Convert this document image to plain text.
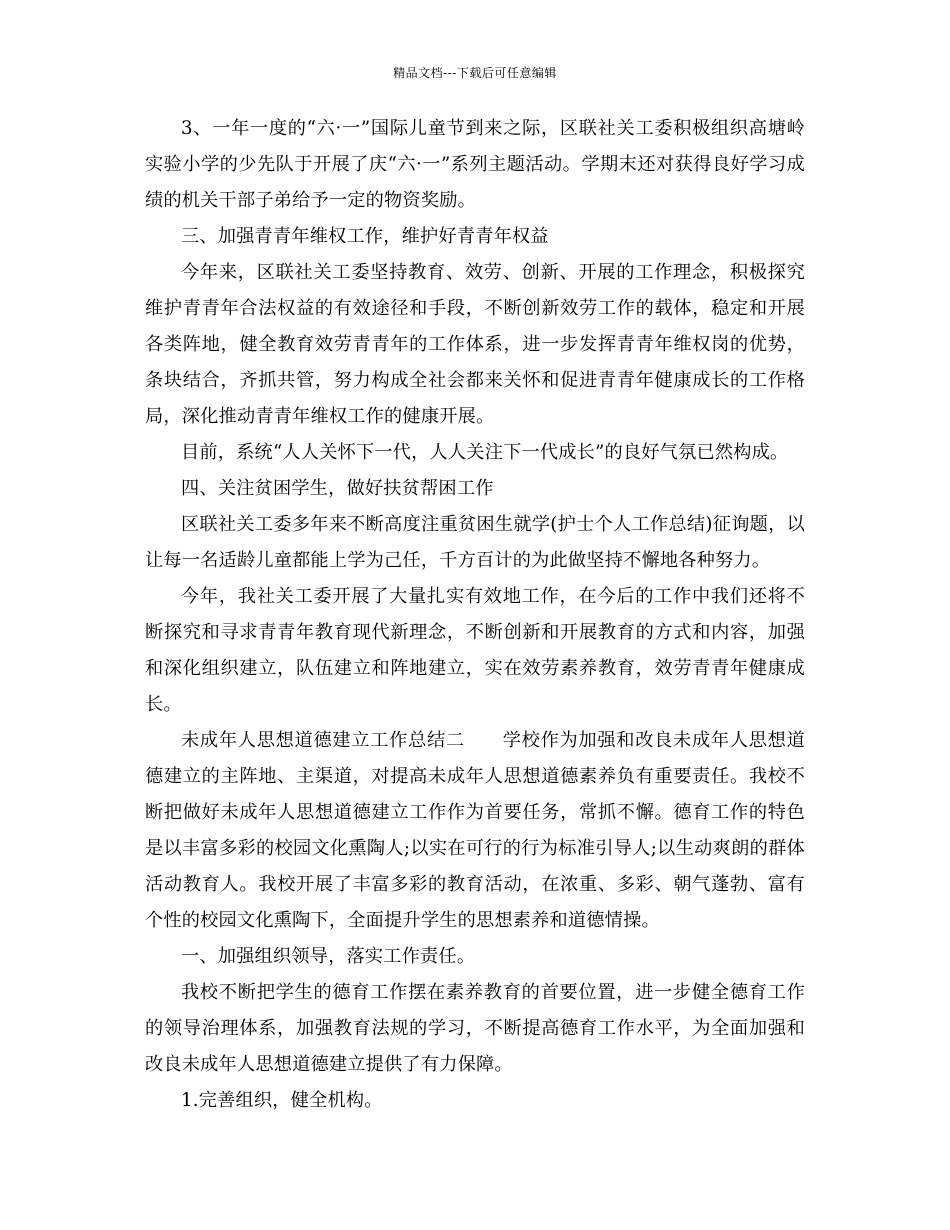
精品文档---下载后可任意编辑

3、一年一度的“六·一”国际儿童节到来之际，区联社关工委积极组织高塘岭实验小学的少先队于开展了庆“六·一”系列主题活动。学期末还对获得良好学习成绩的机关干部子弟给予一定的物资奖励。

三、加强青青年维权工作，维护好青青年权益

今年来，区联社关工委坚持教育、效劳、创新、开展的工作理念，积极探究维护青青年合法权益的有效途径和手段，不断创新效劳工作的载体，稳定和开展各类阵地，健全教育效劳青青年的工作体系，进一步发挥青青年维权岗的优势，条块结合，齐抓共管，努力构成全社会都来关怀和促进青青年健康成长的工作格局，深化推动青青年维权工作的健康开展。

目前，系统“人人关怀下一代，人人关注下一代成长”的良好气氛已然构成。

四、关注贫困学生，做好扶贫帮困工作

区联社关工委多年来不断高度注重贫困生就学(护士个人工作总结)征询题，以让每一名适龄儿童都能上学为己任，千方百计的为此做坚持不懈地各种努力。

今年，我社关工委开展了大量扎实有效地工作，在今后的工作中我们还将不断探究和寻求青青年教育现代新理念，不断创新和开展教育的方式和内容，加强和深化组织建立，队伍建立和阵地建立，实在效劳素养教育，效劳青青年健康成长。

未成年人思想道德建立工作总结二　　学校作为加强和改良未成年人思想道德建立的主阵地、主渠道，对提高未成年人思想道德素养负有重要责任。我校不断把做好未成年人思想道德建立工作作为首要任务，常抓不懈。德育工作的特色是以丰富多彩的校园文化熏陶人;以实在可行的行为标准引导人;以生动爽朗的群体活动教育人。我校开展了丰富多彩的教育活动，在浓重、多彩、朝气蓬勃、富有个性的校园文化熏陶下，全面提升学生的思想素养和道德情操。

一、加强组织领导，落实工作责任。

我校不断把学生的德育工作摆在素养教育的首要位置，进一步健全德育工作的领导治理体系，加强教育法规的学习，不断提高德育工作水平，为全面加强和改良未成年人思想道德建立提供了有力保障。

1.完善组织，健全机构。
